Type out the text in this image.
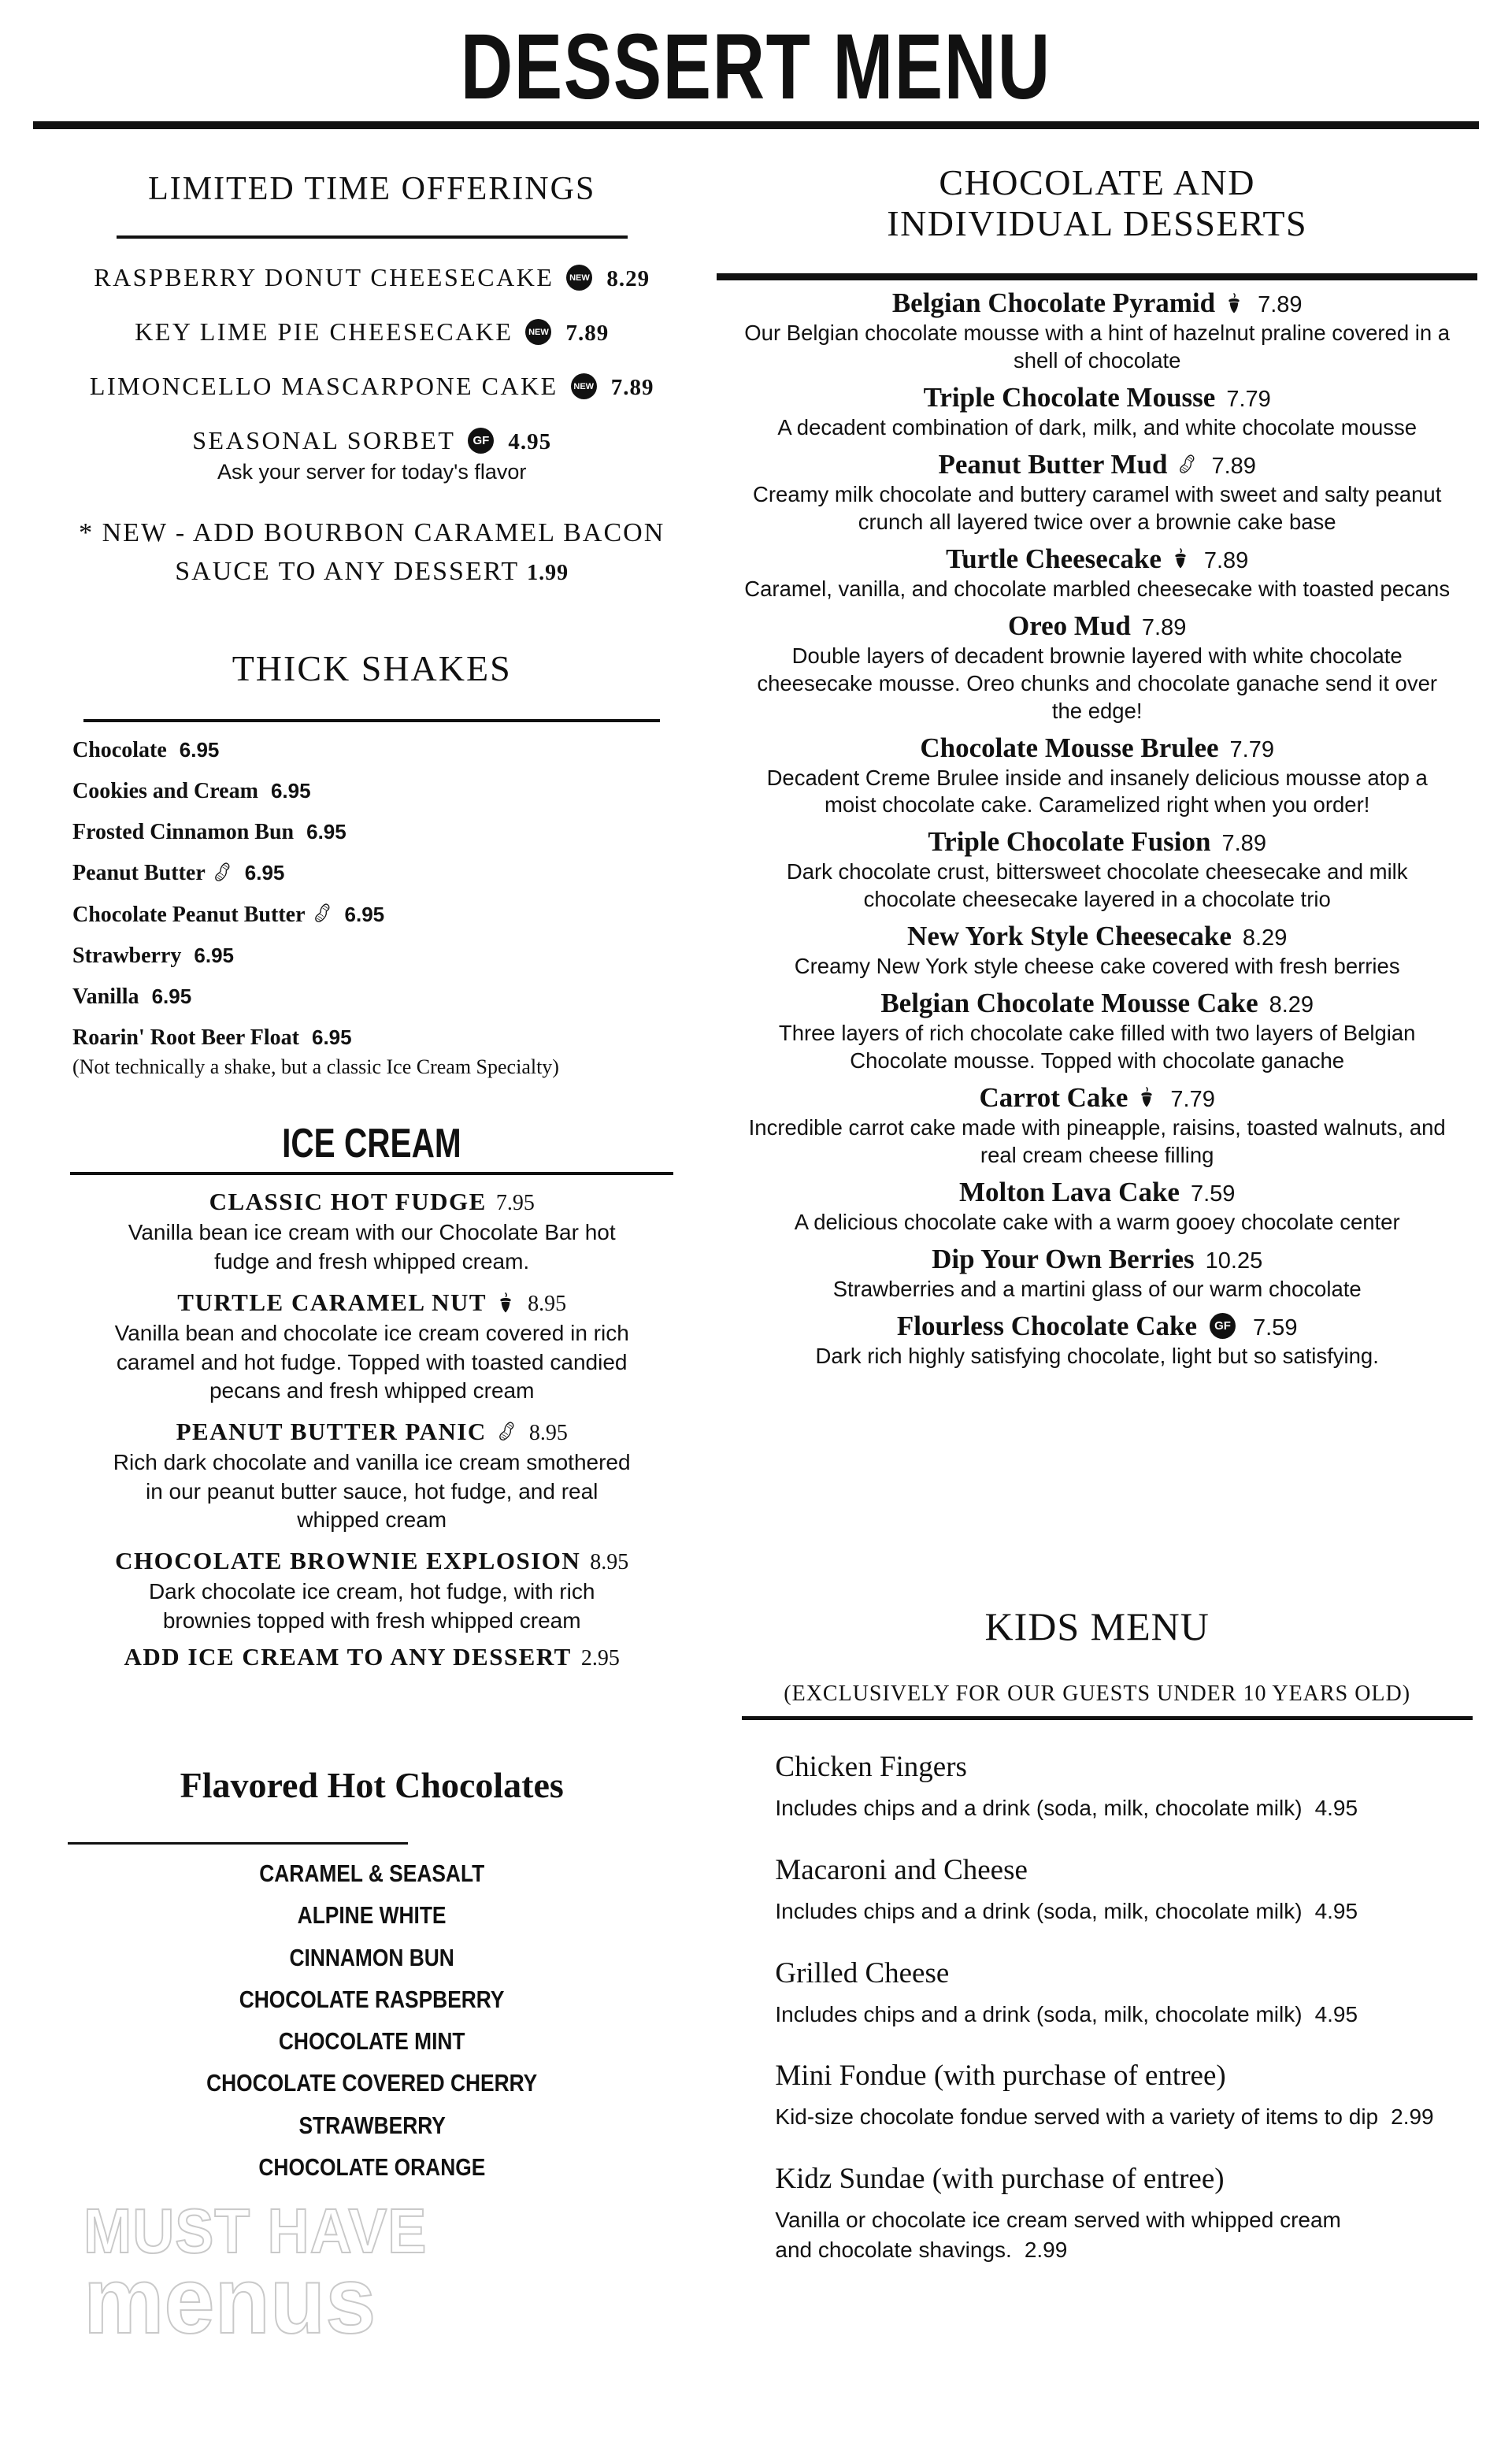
DESSERT MENU
LIMITED TIME OFFERINGS
RASPBERRY DONUT CHEESECAKE NEW 8.29
KEY LIME PIE CHEESECAKE NEW 7.89
LIMONCELLO MASCARPONE CAKE NEW 7.89
SEASONAL SORBET GF 4.95
Ask your server for today's flavor
* NEW - ADD BOURBON CARAMEL BACON
SAUCE TO ANY DESSERT 1.99
THICK SHAKES
Chocolate 6.95
Cookies and Cream 6.95
Frosted Cinnamon Bun 6.95
Peanut Butter 6.95
Chocolate Peanut Butter 6.95
Strawberry 6.95
Vanilla 6.95
Roarin' Root Beer Float 6.95
(Not technically a shake, but a classic Ice Cream Specialty)
ICE CREAM
CLASSIC HOT FUDGE 7.95
Vanilla bean ice cream with our Chocolate Bar hot fudge and fresh whipped cream.
TURTLE CARAMEL NUT 8.95
Vanilla bean and chocolate ice cream covered in rich caramel and hot fudge. Topped with toasted candied pecans and fresh whipped cream
PEANUT BUTTER PANIC 8.95
Rich dark chocolate and vanilla ice cream smothered in our peanut butter sauce, hot fudge, and real whipped cream
CHOCOLATE BROWNIE EXPLOSION 8.95
Dark chocolate ice cream, hot fudge, with rich brownies topped with fresh whipped cream
ADD ICE CREAM TO ANY DESSERT 2.95
Flavored Hot Chocolates
CARAMEL & SEASALT
ALPINE WHITE
CINNAMON BUN
CHOCOLATE RASPBERRY
CHOCOLATE MINT
CHOCOLATE COVERED CHERRY
STRAWBERRY
CHOCOLATE ORANGE
CHOCOLATE AND
INDIVIDUAL DESSERTS
Belgian Chocolate Pyramid 7.89
Our Belgian chocolate mousse with a hint of hazelnut praline covered in a shell of chocolate
Triple Chocolate Mousse 7.79
A decadent combination of dark, milk, and white chocolate mousse
Peanut Butter Mud 7.89
Creamy milk chocolate and buttery caramel with sweet and salty peanut crunch all layered twice over a brownie cake base
Turtle Cheesecake 7.89
Caramel, vanilla, and chocolate marbled cheesecake with toasted pecans
Oreo Mud 7.89
Double layers of decadent brownie layered with white chocolate cheesecake mousse. Oreo chunks and chocolate ganache send it over the edge!
Chocolate Mousse Brulee 7.79
Decadent Creme Brulee inside and insanely delicious mousse atop a moist chocolate cake. Caramelized right when you order!
Triple Chocolate Fusion 7.89
Dark chocolate crust, bittersweet chocolate cheesecake and milk chocolate cheesecake layered in a chocolate trio
New York Style Cheesecake 8.29
Creamy New York style cheese cake covered with fresh berries
Belgian Chocolate Mousse Cake 8.29
Three layers of rich chocolate cake filled with two layers of Belgian Chocolate mousse. Topped with chocolate ganache
Carrot Cake 7.79
Incredible carrot cake made with pineapple, raisins, toasted walnuts, and real cream cheese filling
Molton Lava Cake 7.59
A delicious chocolate cake with a warm gooey chocolate center
Dip Your Own Berries 10.25
Strawberries and a martini glass of our warm chocolate
Flourless Chocolate Cake GF 7.59
Dark rich highly satisfying chocolate, light but so satisfying.
KIDS MENU
(EXCLUSIVELY FOR OUR GUESTS UNDER 10 YEARS OLD)
Chicken Fingers
Includes chips and a drink (soda, milk, chocolate milk) 4.95
Macaroni and Cheese
Includes chips and a drink (soda, milk, chocolate milk) 4.95
Grilled Cheese
Includes chips and a drink (soda, milk, chocolate milk) 4.95
Mini Fondue (with purchase of entree)
Kid-size chocolate fondue served with a variety of items to dip 2.99
Kidz Sundae (with purchase of entree)
Vanilla or chocolate ice cream served with whipped cream and chocolate shavings. 2.99
MUST HAVE
menus
